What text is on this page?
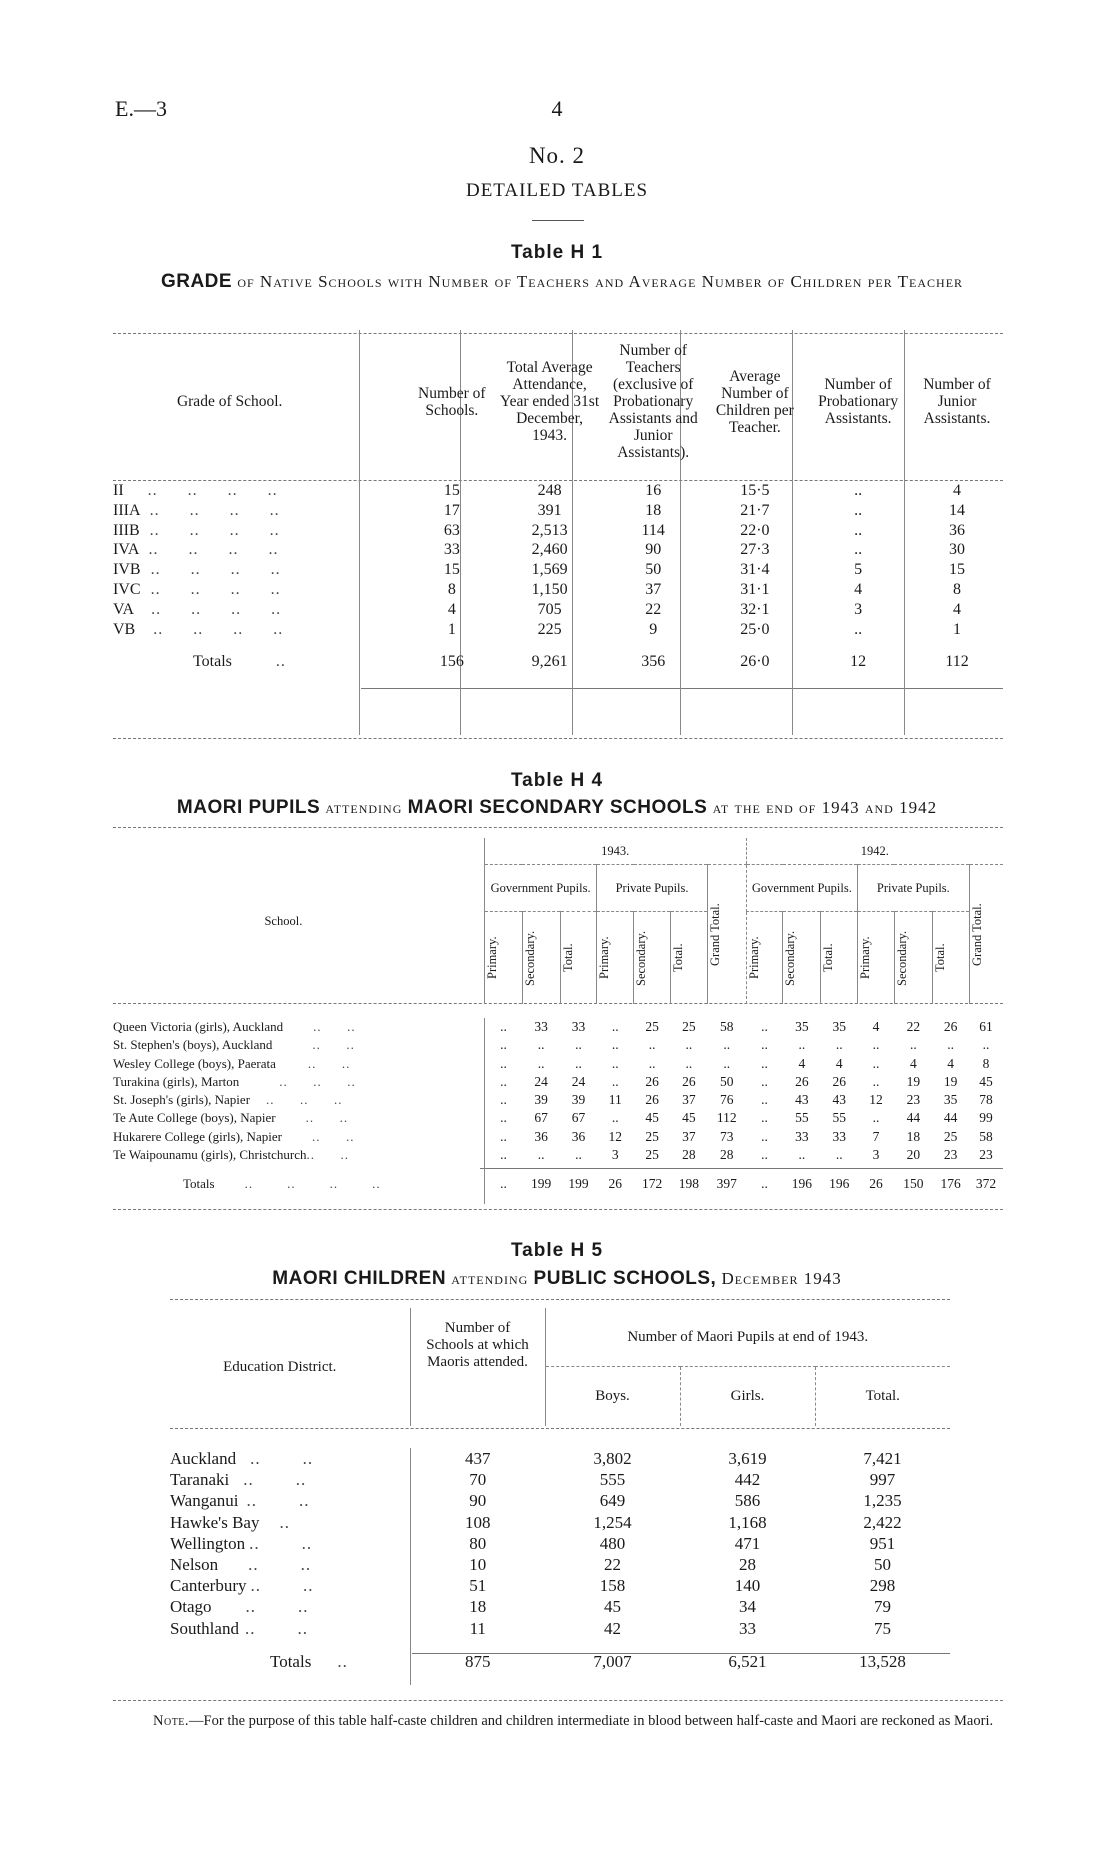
E.—3	4
No. 2
DETAILED TABLES
Table H 1
GRADE of Native Schools with Number of Teachers and Average Number of Children per Teacher
Grade of School.	Number of Schools.	Total Average Attendance, Year ended 31st December, 1943.	Number of Teachers (exclusive of Probationary Assistants and Junior Assistants).	Average Number of Children per Teacher.	Number of Probationary Assistants.	Number of Junior Assistants.

II ..      ..      ..      ..	15	248	16	15·5	..	4
IIIA ..      ..      ..      ..	17	391	18	21·7	..	14
IIIB ..      ..      ..      ..	63	2,513	114	22·0	..	36
IVA ..      ..      ..      ..	33	2,460	90	27·3	..	30
IVB ..      ..      ..      ..	15	1,569	50	31·4	5	15
IVC ..      ..      ..      ..	8	1,150	37	31·1	4	8
VA ..      ..      ..      ..	4	705	22	32·1	3	4
VB ..      ..      ..      ..	1	225	9	25·0	..	1
Totals ..	156	9,261	356	26·0	12	112
Table H 4
MAORI PUPILS attending MAORI SECONDARY SCHOOLS at the end of 1943 and 1942
School.	1943.							1942.						
	Government Pupils.			Private Pupils.			Grand Total.	Government Pupils.			Private Pupils.			Grand Total.

	Primary.	Secondary.	Total.	Primary.	Secondary.	Total.		Primary.	Secondary.	Total.	Primary.	Secondary.	Total.	

Queen Victoria (girls), Auckland ..      ..	..	33	33	..	25	25	58	..	35	35	4	22	26	61
St. Stephen's (boys), Auckland ..      ..	..	..	..	..	..	..	..	..	..	..	..	..	..	..
Wesley College (boys), Paerata ..      ..	..	..	..	..	..	..	..	..	4	4	..	4	4	8
Turakina (girls), Marton ..      ..      ..	..	24	24	..	26	26	50	..	26	26	..	19	19	45
St. Joseph's (girls), Napier ..      ..      ..	..	39	39	11	26	37	76	..	43	43	12	23	35	78
Te Aute College (boys), Napier ..      ..	..	67	67	..	45	45	112	..	55	55	..	44	44	99
Hukarere College (girls), Napier ..      ..	..	36	36	12	25	37	73	..	33	33	7	18	25	58
Te Waipounamu (girls), Christchurch..      ..	..	..	..	3	25	28	28	..	..	..	3	20	23	23
Totals ..        ..        ..        ..	..	199	199	26	172	198	397	..	196	196	26	150	176	372
Table H 5
MAORI CHILDREN attending PUBLIC SCHOOLS, December 1943
Education District.	Number of Schools at which Maoris attended.	Number of Maori Pupils at end of 1943.		
		Boys.	Girls.	Total.

Auckland ..        ..	437	3,802	3,619	7,421
Taranaki ..        ..	70	555	442	997
Wanganui ..        ..	90	649	586	1,235
Hawke's Bay ..	108	1,254	1,168	2,422
Wellington ..        ..	80	480	471	951
Nelson ..        ..	10	22	28	50
Canterbury ..        ..	51	158	140	298
Otago ..        ..	18	45	34	79
Southland ..        ..	11	42	33	75
Totals ..	875	7,007	6,521	13,528
Note.—For the purpose of this table half-caste children and children intermediate in blood between half-caste and Maori are reckoned as Maori.
